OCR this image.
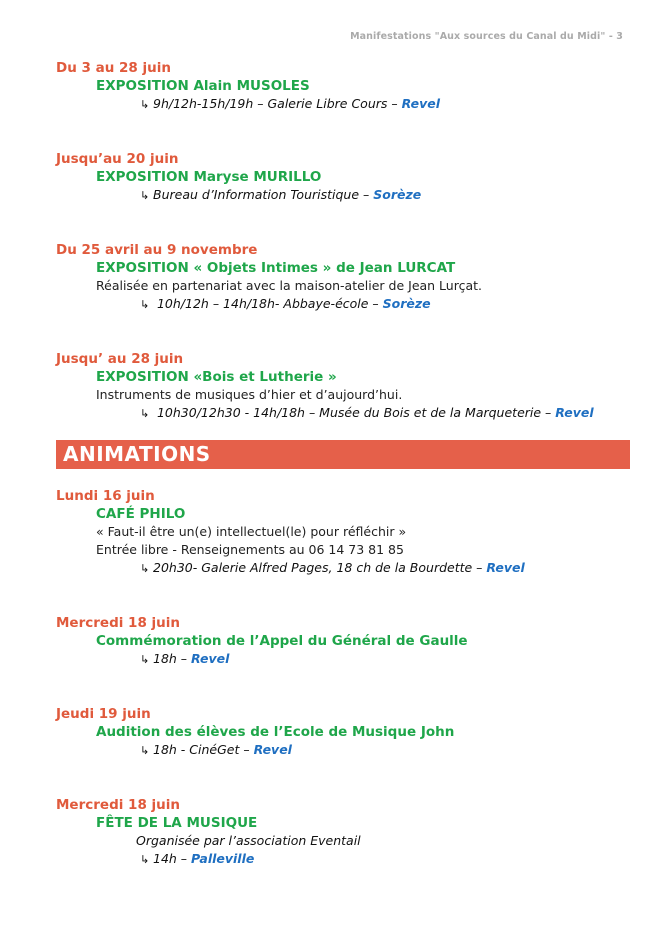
Manifestations "Aux sources du Canal du Midi" - 3
Du 3 au 28 juin
EXPOSITION Alain MUSOLES
↳ 9h/12h-15h/19h – Galerie Libre Cours – Revel
Jusqu’au 20 juin
EXPOSITION Maryse MURILLO
↳ Bureau d’Information Touristique – Sorèze
Du 25 avril au 9 novembre
EXPOSITION « Objets Intimes » de Jean LURCAT
Réalisée en partenariat avec la maison-atelier de Jean Lurçat.
↳ 10h/12h – 14h/18h- Abbaye-école – Sorèze
Jusqu’ au 28 juin
EXPOSITION «Bois et Lutherie »
Instruments de musiques d’hier et d’aujourd’hui.
↳ 10h30/12h30 - 14h/18h – Musée du Bois et de la Marqueterie – Revel
ANIMATIONS
Lundi 16 juin
CAFÉ PHILO
« Faut-il être un(e) intellectuel(le) pour réfléchir »
Entrée libre - Renseignements au 06 14 73 81 85
↳ 20h30- Galerie Alfred Pages, 18 ch de la Bourdette – Revel
Mercredi 18 juin
Commémoration de l’Appel du Général de Gaulle
↳ 18h – Revel
Jeudi 19 juin
Audition des élèves de l’Ecole de Musique John
↳ 18h - CinéGet – Revel
Mercredi 18 juin
FÊTE DE LA MUSIQUE
Organisée par l’association Eventail
↳ 14h – Palleville
